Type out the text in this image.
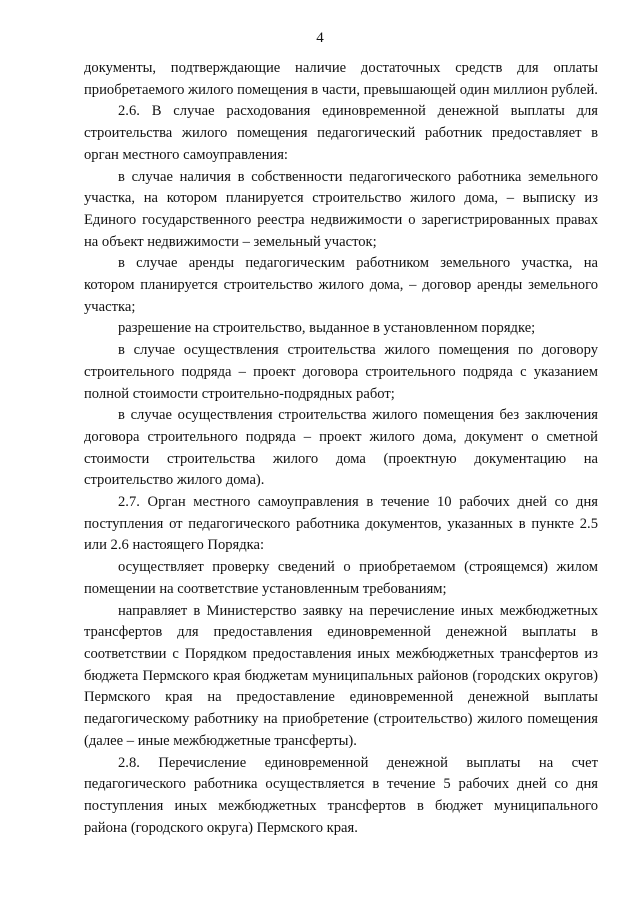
4

документы, подтверждающие наличие достаточных средств для оплаты приобретаемого жилого помещения в части, превышающей один миллион рублей.

2.6. В случае расходования единовременной денежной выплаты для строительства жилого помещения педагогический работник предоставляет в орган местного самоуправления:

в случае наличия в собственности педагогического работника земельного участка, на котором планируется строительство жилого дома, – выписку из Единого государственного реестра недвижимости о зарегистрированных правах на объект недвижимости – земельный участок;

в случае аренды педагогическим работником земельного участка, на котором планируется строительство жилого дома, – договор аренды земельного участка;

разрешение на строительство, выданное в установленном порядке;

в случае осуществления строительства жилого помещения по договору строительного подряда – проект договора строительного подряда с указанием полной стоимости строительно-подрядных работ;

в случае осуществления строительства жилого помещения без заключения договора строительного подряда – проект жилого дома, документ о сметной стоимости строительства жилого дома (проектную документацию на строительство жилого дома).

2.7. Орган местного самоуправления в течение 10 рабочих дней со дня поступления от педагогического работника документов, указанных в пункте 2.5 или 2.6 настоящего Порядка:

осуществляет проверку сведений о приобретаемом (строящемся) жилом помещении на соответствие установленным требованиям;

направляет в Министерство заявку на перечисление иных межбюджетных трансфертов для предоставления единовременной денежной выплаты в соответствии с Порядком предоставления иных межбюджетных трансфертов из бюджета Пермского края бюджетам муниципальных районов (городских округов) Пермского края на предоставление единовременной денежной выплаты педагогическому работнику на приобретение (строительство) жилого помещения (далее – иные межбюджетные трансферты).

2.8. Перечисление единовременной денежной выплаты на счет педагогического работника осуществляется в течение 5 рабочих дней со дня поступления иных межбюджетных трансфертов в бюджет муниципального района (городского округа) Пермского края.
